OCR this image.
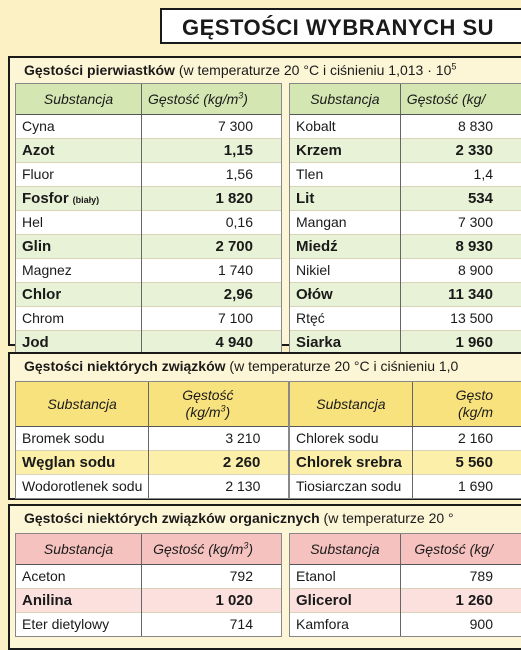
GĘSTOŚCI WYBRANYCH SU
Gęstości pierwiastków (w temperaturze 20 °C i ciśnieniu $1,013 \cdot 10^5$
Substancja	Gęstość $(kg/m^3)$
Cyna	7 300
Azot	1,15
Fluor	1,56
Fosfor (biały)	1 820
Hel	0,16
Glin	2 700
Magnez	1 740
Chlor	2,96
Chrom	7 100
Jod	4 940
Substancja	Gęstość (kg/
Kobalt	8 830
Krzem	2 330
Tlen	1,4
Lit	534
Mangan	7 300
Miedź	8 930
Nikiel	8 900
Ołów	11 340
Rtęć	13 500
Siarka	1 960
Gęstości niektórych związków (w temperaturze 20 °C i ciśnieniu 1,0
Substancja	Gęstość
$(kg/m^3)$
Bromek sodu	3 210
Węglan sodu	2 260
Wodorotlenek sodu	2 130
Substancja	Gęsto
(kg/m
Chlorek sodu	2 160
Chlorek srebra	5 560
Tiosiarczan sodu	1 690
Gęstości niektórych związków organicznych (w temperaturze 20 °
Substancja	Gęstość $(kg/m^3)$
Aceton	792
Anilina	1 020
Eter dietylowy	714
Substancja	Gęstość (kg/
Etanol	789
Glicerol	1 260
Kamfora	900
